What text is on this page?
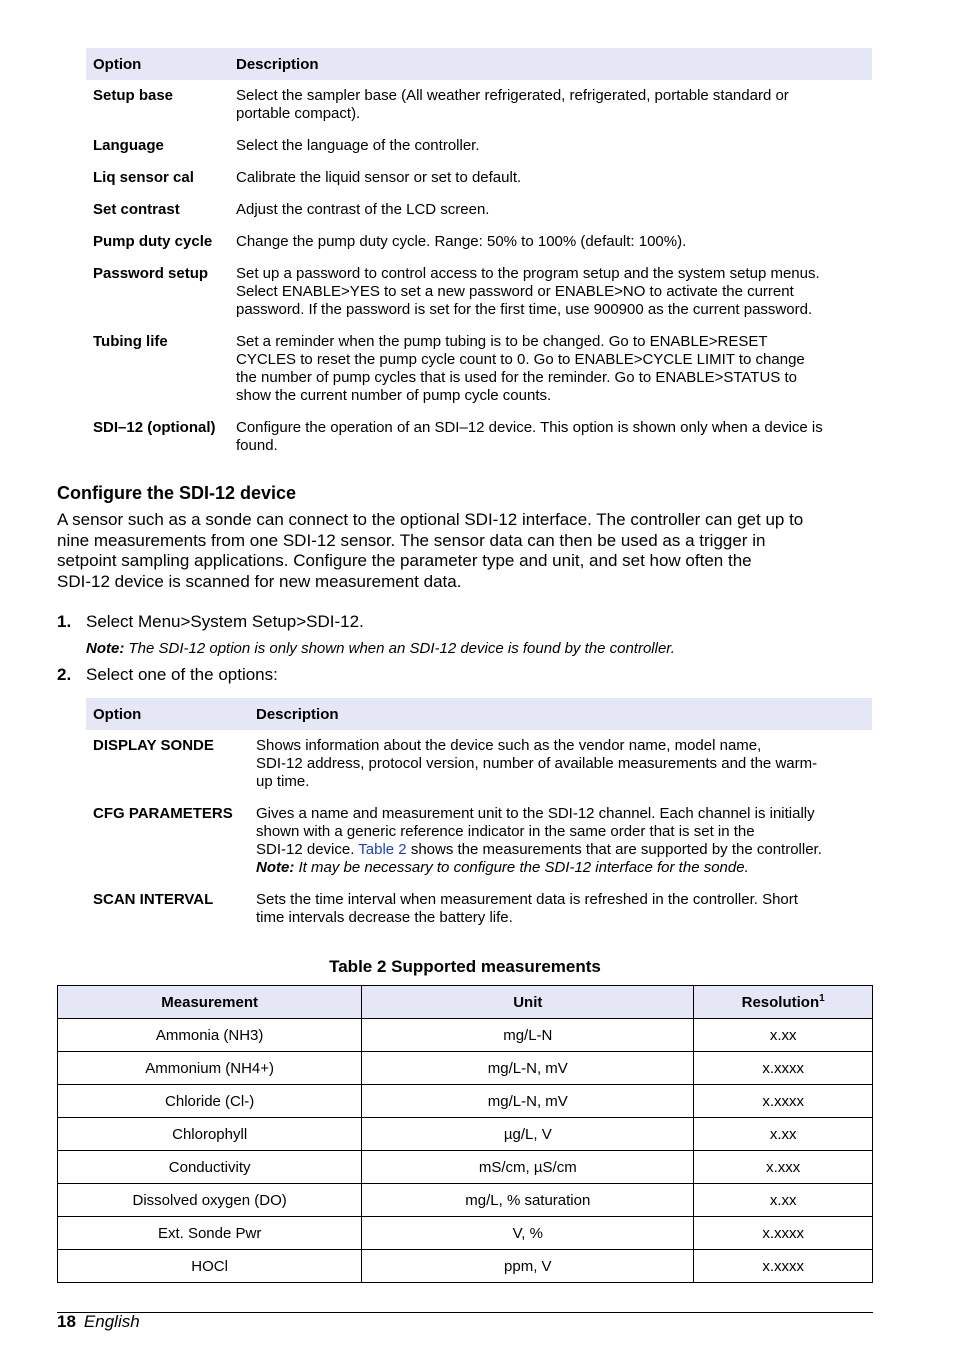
Option	Description
Setup base	Select the sampler base (All weather refrigerated, refrigerated, portable standard or
portable compact).

Language	Select the language of the controller.

Liq sensor cal	Calibrate the liquid sensor or set to default.

Set contrast	Adjust the contrast of the LCD screen.

Pump duty cycle	Change the pump duty cycle. Range: 50% to 100% (default: 100%).

Password setup	Set up a password to control access to the program setup and the system setup menus.
Select ENABLE>YES to set a new password or ENABLE>NO to activate the current
password. If the password is set for the first time, use 900900 as the current password.

Tubing life	Set a reminder when the pump tubing is to be changed. Go to ENABLE>RESET
CYCLES to reset the pump cycle count to 0. Go to ENABLE>CYCLE LIMIT to change
the number of pump cycles that is used for the reminder. Go to ENABLE>STATUS to
show the current number of pump cycle counts.

SDI–12 (optional)	Configure the operation of an SDI–12 device. This option is shown only when a device is
found.
Configure the SDI-12 device
A sensor such as a sonde can connect to the optional SDI-12 interface. The controller can get up to
nine measurements from one SDI-12 sensor. The sensor data can then be used as a trigger in
setpoint sampling applications. Configure the parameter type and unit, and set how often the
SDI-12 device is scanned for new measurement data.
1. Select Menu>System Setup>SDI-12.
Note: The SDI-12 option is only shown when an SDI-12 device is found by the controller.
2. Select one of the options:
Option	Description
DISPLAY SONDE	Shows information about the device such as the vendor name, model name,
SDI-12 address, protocol version, number of available measurements and the warm-
up time.

CFG PARAMETERS	Gives a name and measurement unit to the SDI-12 channel. Each channel is initially
shown with a generic reference indicator in the same order that is set in the
SDI-12 device. Table 2 shows the measurements that are supported by the controller.
Note: It may be necessary to configure the SDI-12 interface for the sonde.

SCAN INTERVAL	Sets the time interval when measurement data is refreshed in the controller. Short
time intervals decrease the battery life.
Table 2 Supported measurements
Measurement	Unit	Resolution$^1$
Ammonia (NH3)	mg/L-N	x.xx
Ammonium (NH4+)	mg/L-N, mV	x.xxxx
Chloride (Cl-)	mg/L-N, mV	x.xxxx
Chlorophyll	µg/L, V	x.xx
Conductivity	mS/cm, µS/cm	x.xxx
Dissolved oxygen (DO)	mg/L, % saturation	x.xx
Ext. Sonde Pwr	V, %	x.xxxx
HOCl	ppm, V	x.xxxx
18 English
